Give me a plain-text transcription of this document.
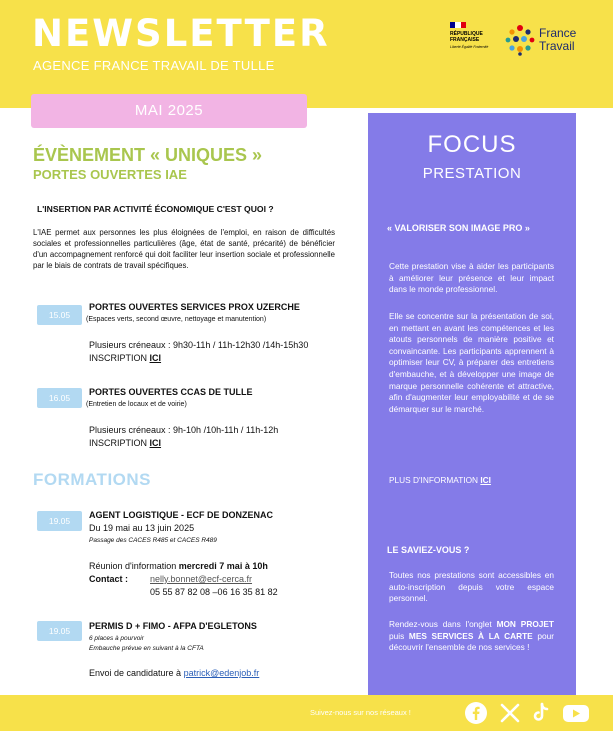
NEWSLETTER
AGENCE FRANCE TRAVAIL DE TULLE
RÉPUBLIQUE
FRANÇAISE
Liberté Égalité Fraternité
France
Travail
MAI 2025
ÉVÈNEMENT « UNIQUES »
PORTES OUVERTES IAE
L'INSERTION PAR ACTIVITÉ ÉCONOMIQUE C'EST QUOI ?
L'IAE permet aux personnes les plus éloignées de l'emploi, en raison de difficultés sociales et professionnelles particulières (âge, état de santé, précarité) de bénéficier d'un accompagnement renforcé qui doit faciliter leur insertion sociale et professionnelle par le biais de contrats de travail spécifiques.
15.05
PORTES OUVERTES SERVICES PROX UZERCHE
(Espaces verts, second œuvre, nettoyage et manutention)
Plusieurs créneaux : 9h30-11h / 11h-12h30 /14h-15h30
INSCRIPTION ICI
16.05
PORTES OUVERTES CCAS DE TULLE
(Entretien de locaux et de voirie)
Plusieurs créneaux : 9h-10h /10h-11h / 11h-12h
INSCRIPTION ICI
FORMATIONS
19.05
AGENT LOGISTIQUE - ECF DE DONZENAC
Du 19 mai au 13 juin 2025
Passage des CACES R485 et CACES R489
Réunion d'information mercredi 7 mai à 10h
Contact : nelly.bonnet@ecf-cerca.fr
05 55 87 82 08 –06 16 35 81 82
19.05	PERMIS D + FIMO - AFPA D'EGLETONS
6 places à pourvoir
Embauche prévue en suivant à la CFTA
Envoi de candidature à patrick@edenjob.fr
FOCUS
PRESTATION
« VALORISER SON IMAGE PRO »
Cette prestation vise à aider les participants à améliorer leur présence et leur impact dans le monde professionnel.
Elle se concentre sur la présentation de soi, en mettant en avant les compétences et les atouts personnels de manière positive et convaincante. Les participants apprennent à optimiser leur CV, à préparer des entretiens d'embauche, et à développer une image de marque personnelle cohérente et attractive, afin d'augmenter leur employabilité et de se démarquer sur le marché.
PLUS D'INFORMATION ICI
LE SAVIEZ-VOUS ?
Toutes nos prestations sont accessibles en auto-inscription depuis votre espace personnel.
Rendez-vous dans l'onglet MON PROJET puis MES SERVICES À LA CARTE pour découvrir l'ensemble de nos services !
Suivez-nous sur nos réseaux !
